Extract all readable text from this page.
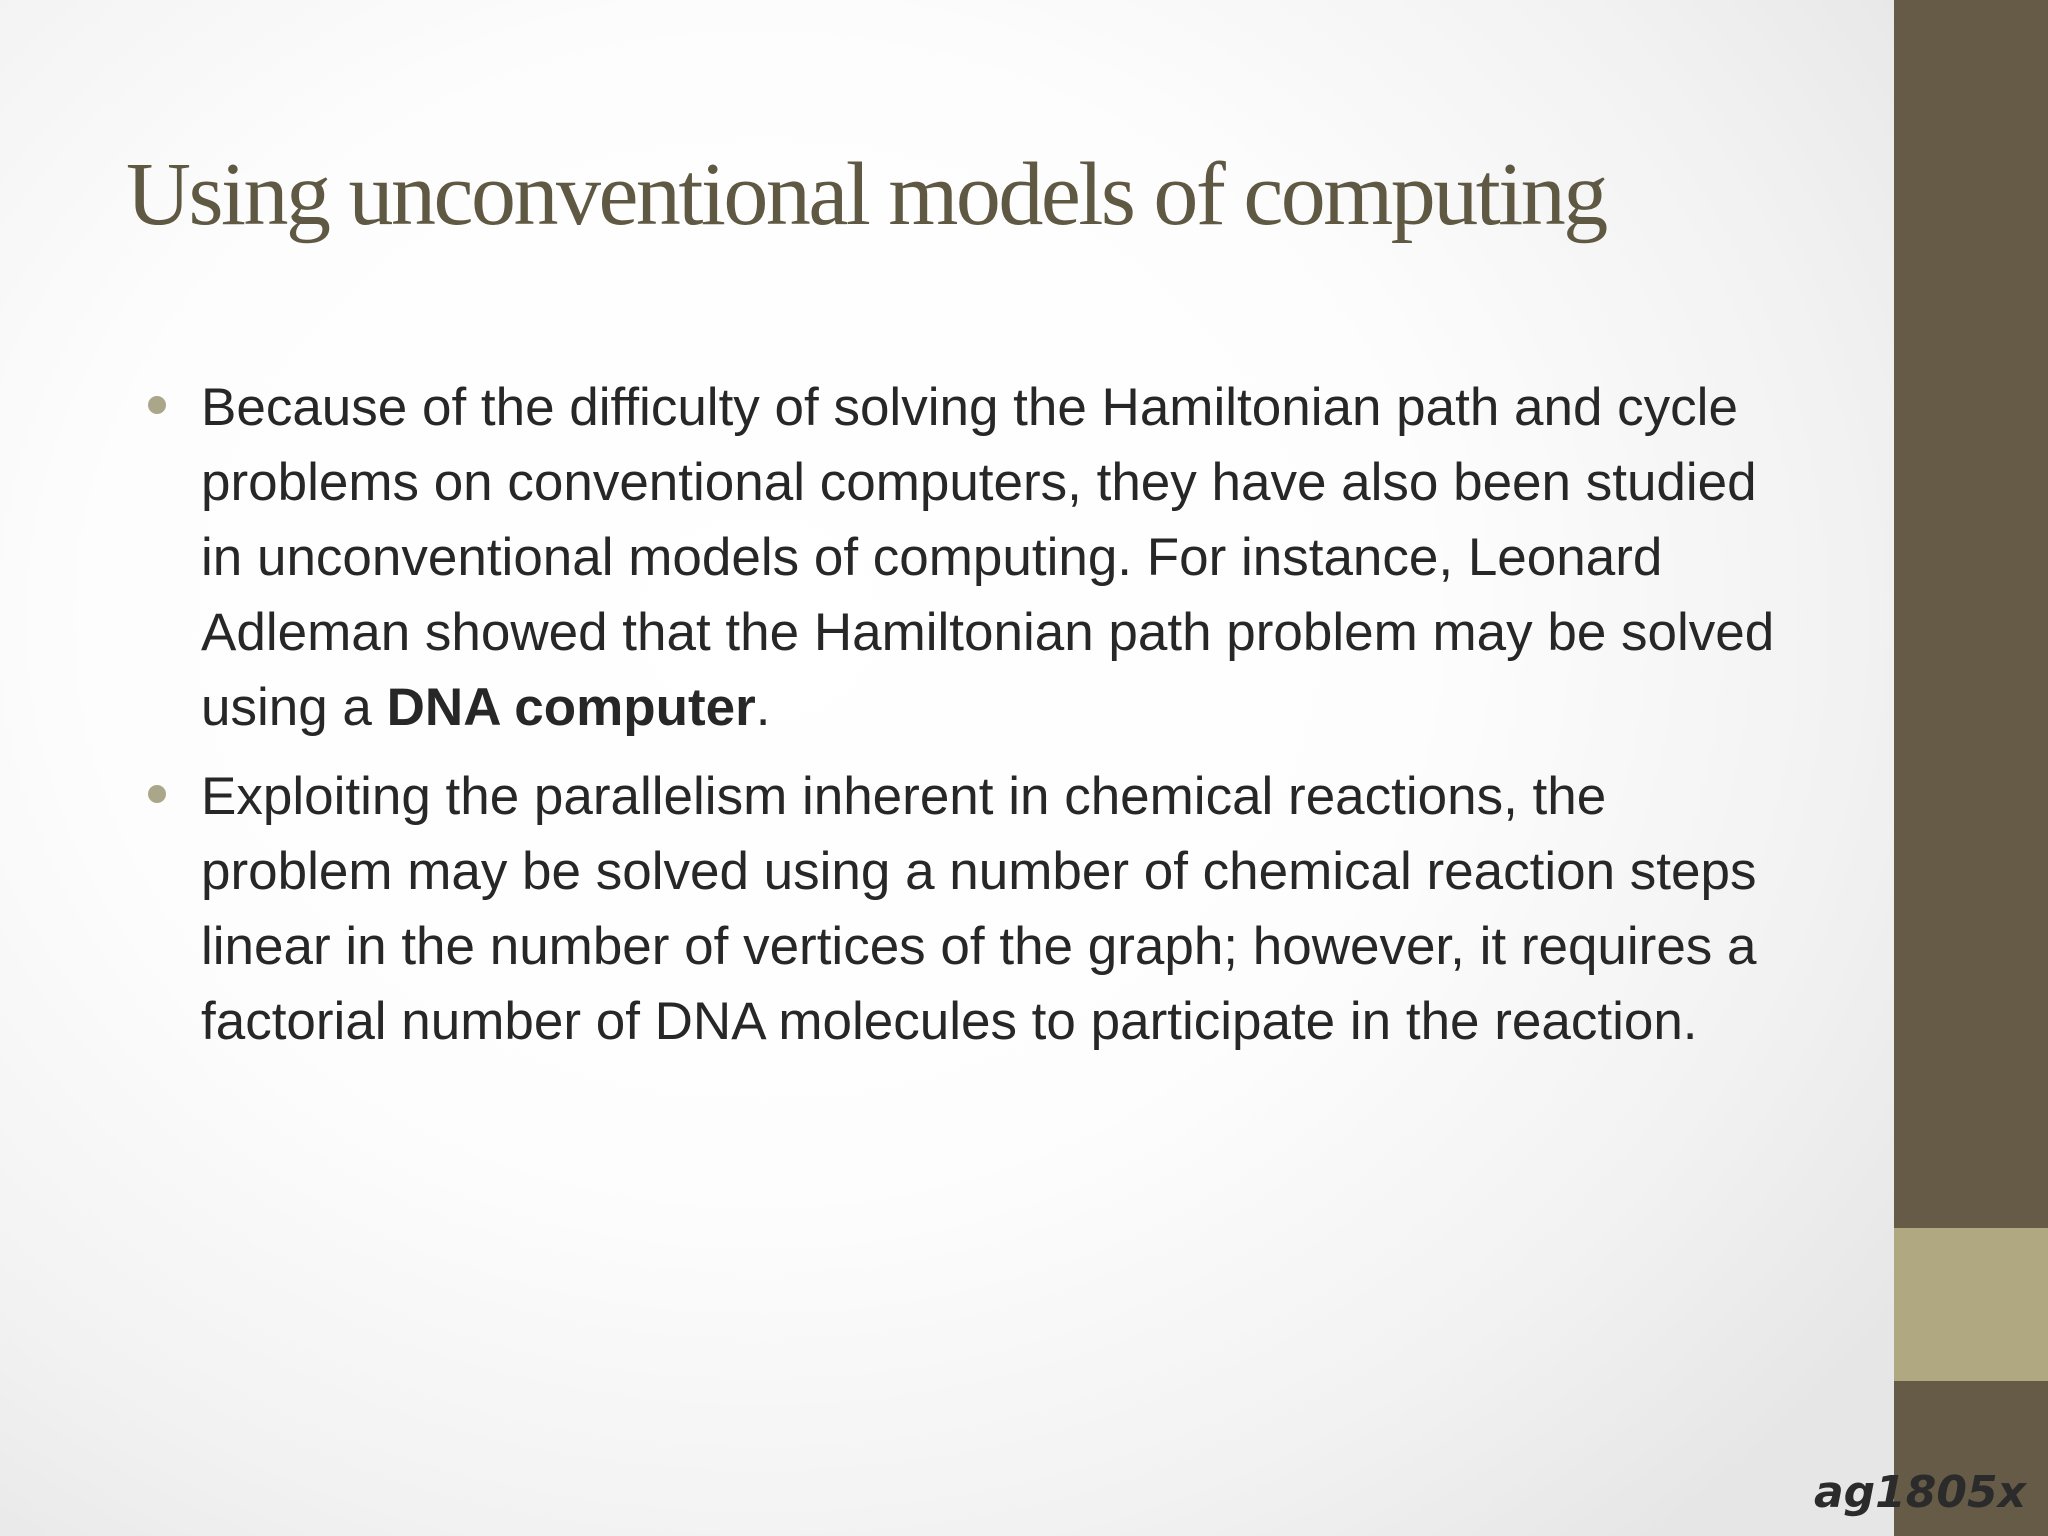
Using unconventional models of computing
Because of the difficulty of solving the Hamiltonian path and cycle problems on conventional computers, they have also been studied in unconventional models of computing. For instance, Leonard Adleman showed that the Hamiltonian path problem may be solved using a DNA computer.
Exploiting the parallelism inherent in chemical reactions, the problem may be solved using a number of chemical reaction steps linear in the number of vertices of the graph; however, it requires a factorial number of DNA molecules to participate in the reaction.
ag1805x
